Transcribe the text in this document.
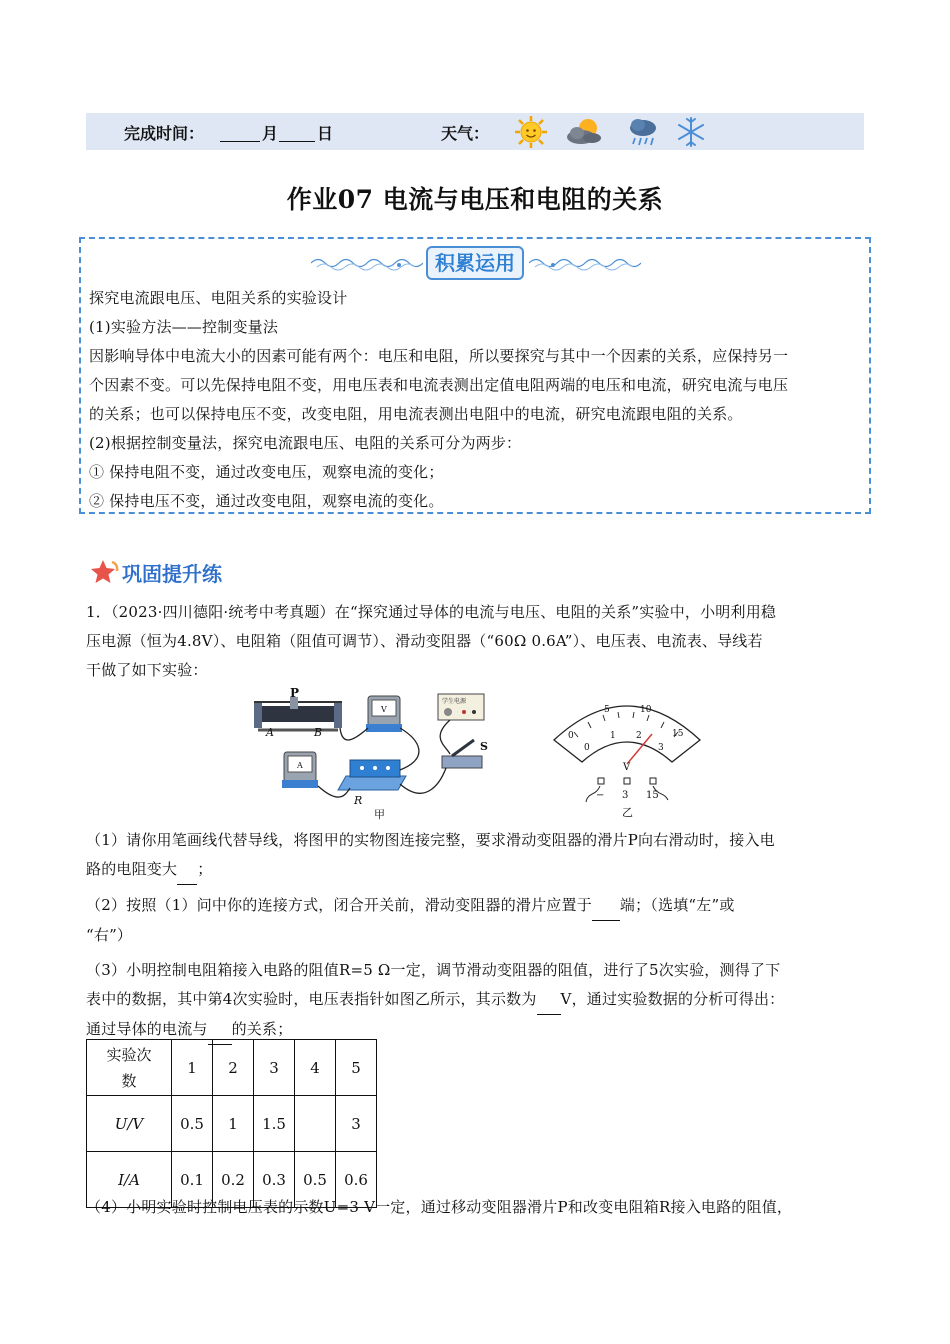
完成时间：	月 日	天气：
作业07 电流与电压和电阻的关系
积累运用
探究电流跟电压、电阻关系的实验设计
(1)实验方法——控制变量法
因影响导体中电流大小的因素可能有两个：电压和电阻，所以要探究与其中一个因素的关系，应保持另一
个因素不变。可以先保持电阻不变，用电压表和电流表测出定值电阻两端的电压和电流，研究电流与电压
的关系；也可以保持电压不变，改变电阻，用电流表测出电阻中的电流，研究电流跟电阻的关系。
(2)根据控制变量法，探究电流跟电压、电阻的关系可分为两步：
① 保持电阻不变，通过改变电压，观察电流的变化；
② 保持电压不变，通过改变电阻，观察电流的变化。
巩固提升练
1．（2023·四川德阳·统考中考真题）在“探究通过导体的电流与电压、电阻的关系”实验中，小明利用稳
压电源（恒为4.8V）、电阻箱（阻值可调节）、滑动变阻器（“60Ω 0.6A”）、电压表、电流表、导线若
干做了如下实验：
P
A	B
V
学生电源
S
A
R
甲
0
5	10
15
0
1 2
3
V
− 3 15
乙
（1）请你用笔画线代替导线，将图甲的实物图连接完整，要求滑动变阻器的滑片P向右滑动时，接入电
路的电阻变大 ；
（2）按照（1）问中你的连接方式，闭合开关前，滑动变阻器的滑片应置于 端；（选填“左”或
“右”）
（3）小明控制电阻箱接入电路的阻值R=5 Ω一定，调节滑动变阻器的阻值，进行了5次实验，测得了下
表中的数据，其中第4次实验时，电压表指针如图乙所示，其示数为 V，通过实验数据的分析可得出：
通过导体的电流与 的关系；
实验次数	1	2	3	4	5
U/V	0.5	1	1.5		3
I/A	0.1	0.2	0.3	0.5	0.6
（4）小明实验时控制电压表的示数U=3 V一定，通过移动变阻器滑片P和改变电阻箱R接入电路的阻值，
